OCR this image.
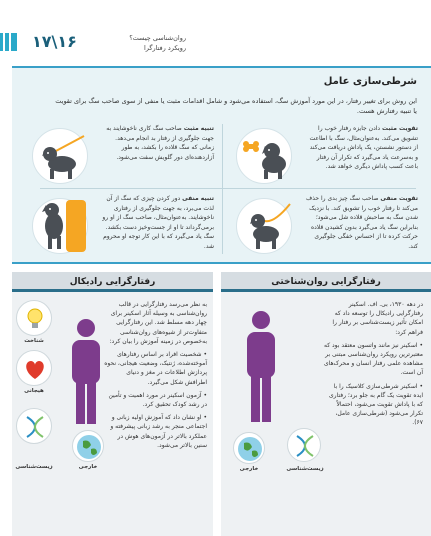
۱۷\۱۶	روان‌شناسی چیست؟
رویکرد رفتارگرا
شرطی‌سازی عامل
این روش برای تغییر رفتار، در این مورد آموزش سگ، استفاده می‌شود و شامل اقدامات مثبت یا منفی از سوی صاحب سگ برای تقویت یا تنبیه رفتارش هست.
تقویت مثبت دادن جایزه رفتار خوب را تشویق می‌کند. به‌عنوان‌مثال، سگ با اطاعت از دستور نشستن، یک پاداش دریافت می‌کند و به‌سرعت یاد می‌گیرد که تکرار آن رفتار باعث کسب پاداش دیگری خواهد شد.
تنبیه مثبت صاحب سگ کاری ناخوشایند به جهت جلوگیری از رفتار بد انجام می‌دهد. زمانی که سگ قلاده را بکشد، به‌ طور آزاردهنده‌ای دور گلویش سفت می‌شود.
تقویت منفی صاحب سگ چیز بدی را حذف می‌کند تا رفتار خوب را تشویق کند. با نزدیک شدن سگ به صاحبش قلاده شل می‌شود؛ بنابراین سگ یاد می‌گیرد بدون کشیدن قلاده حرکت کرده تا از احساس خفگی جلوگیری کند.
تنبیه منفی دور کردن چیزی که سگ از آن لذت می‌برد، به جهت جلوگیری از رفتاری ناخوشایند. به‌عنوان‌مثال، صاحب سگ از او رو برمی‌گرداند تا او از جست‌وخیز دست بکشد. سگ یاد می‌گیرد که با این کار توجه او محروم شد.
رفتارگرایی رادیکال

به نظر می‌رسد رفتارگرایی در قالب روان‌شناسی به وسیله آثار اسکینر برای چهار دهه مسلط شد. این رفتارگرایی متفاوت‌تر از شیوه‌های روان‌شناسی به‌خصوص در زمینه آموزش را بیان کرد:

• شخصیت افراد بر اساس رفتارهای آموخته‌شده، ژنتیک، وضعیت هیجانی، نحوه پردازش اطلاعات در مغز و دنیای اطرافش شکل می‌گیرد.

• آزمون اسکینر در مورد اهمیت و تأمین در رشد کودک تحقیق کرد.

• او نشان داد که آموزش اولیه زبانی و اجتماعی منجر به رشد زبانی پیشرفته و عملکرد بالاتر در آزمون‌های هوش در سنین بالاتر می‌شود.

شناخت
هیجانی
زیست‌شناسی	خارجی
رفتارگرایی روان‌شناختی

در دهه ۱۹۳۰، بی. اف. اسکینر رفتارگرایی رادیکال را توسعه داد که امکان تأثیر زیست‌شناسی بر رفتار را فراهم کرد:

• اسکینر نیز مانند واتسون معتقد بود که معتبرترین رویکرد روان‌شناسی مبتنی بر مشاهده علمی رفتار انسان و محرک‌های آن است.

• اسکینر شرطی‌سازی کلاسیک را با ایده تقویت یک گام به جلو برد؛ رفتاری که با پاداش تقویت می‌شود، احتمالاً تکرار می‌شود (شرطی‌سازی عامل، ۶۷).

خارجی	زیست‌شناسی
